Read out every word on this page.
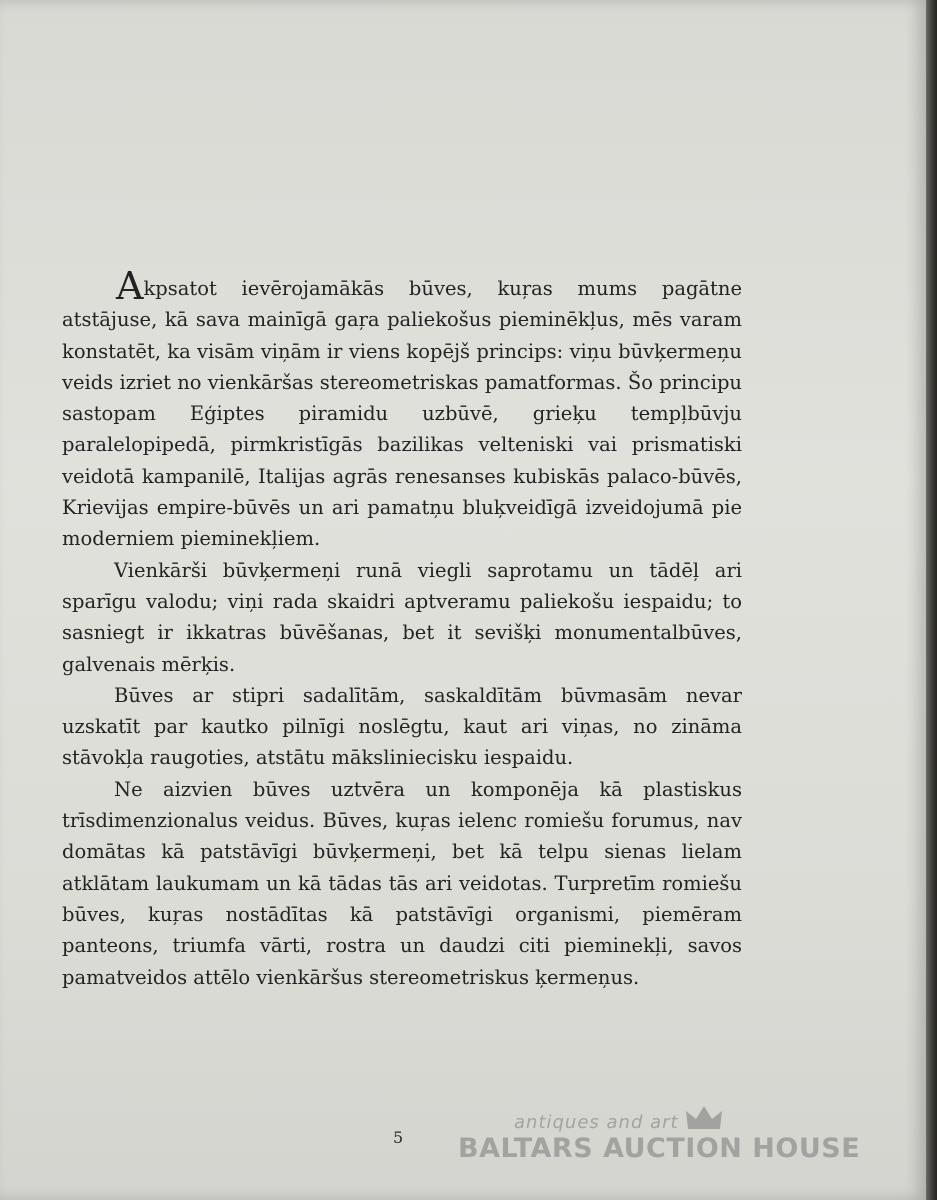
Akpsatot ievērojamākās būves, kuŗas mums pagātne atstājuse, kā sava mainīgā gaŗa paliekošus pieminēkļus, mēs varam konstatēt, ka visām viņām ir viens kopējš princips: viņu būvķermeņu veids izriet no vienkāršas stereometriskas pamatformas. Šo principu sastopam Eģiptes piramidu uzbūvē, grieķu tempļbūvju paralelopipedā, pirmkristīgās bazilikas velteniski vai prismatiski veidotā kampanilē, Italijas agrās renesanses kubiskās palaco-būvēs, Krievijas empire-būvēs un ari pamatņu bluķveidīgā izveidojumā pie moderniem pieminekļiem.

Vienkārši būvķermeņi runā viegli saprotamu un tādēļ ari sparīgu valodu; viņi rada skaidri aptveramu paliekošu iespaidu; to sasniegt ir ikkatras būvēšanas, bet it sevišķi monumentalbūves, galvenais mērķis.

Būves ar stipri sadalītām, saskaldītām būvmasām nevar uzskatīt par kautko pilnīgi noslēgtu, kaut ari viņas, no zināma stāvokļa raugoties, atstātu māksliniecisku iespaidu.

Ne aizvien būves uztvēra un komponēja kā plastiskus trīsdimenzionalus veidus. Būves, kuŗas ielenc romiešu forumus, nav domātas kā patstāvīgi būvķermeņi, bet kā telpu sienas lielam atklātam laukumam un kā tādas tās ari veidotas. Turpretīm romiešu būves, kuŗas nostādītas kā patstāvīgi organismi, piemēram panteons, triumfa vārti, rostra un daudzi citi pieminekļi, savos pamatveidos attēlo vienkāršus stereometriskus ķermeņus.

5
antiques and art
BALTARS AUCTION HOUSE
